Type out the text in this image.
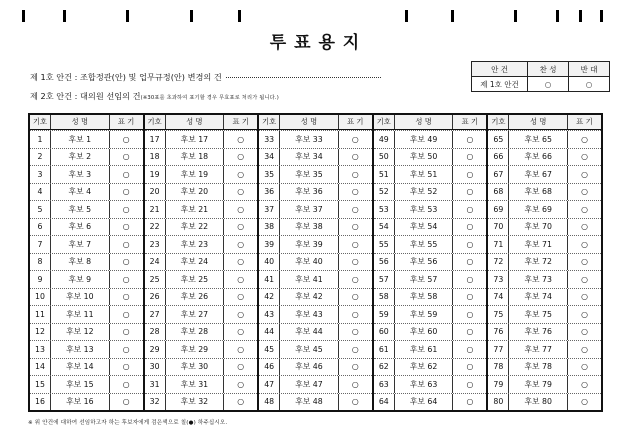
투 표 용 지
제 1호 안건 : 조합정관(안) 및 업무규정(안) 변경의 건
제 2호 안건 : 대의원 선임의 건(※30표를 초과하여 표기할 경우 무효표로 처리가 됩니다.)
안 건	찬 성	반 대
제 1호 안건	○	○
기호	성 명	표 기
1	후보 1	○
2	후보 2	○
3	후보 3	○
4	후보 4	○
5	후보 5	○
6	후보 6	○
7	후보 7	○
8	후보 8	○
9	후보 9	○
10	후보 10	○
11	후보 11	○
12	후보 12	○
13	후보 13	○
14	후보 14	○
15	후보 15	○
16	후보 16	○
기호	성 명	표 기
17	후보 17	○
18	후보 18	○
19	후보 19	○
20	후보 20	○
21	후보 21	○
22	후보 22	○
23	후보 23	○
24	후보 24	○
25	후보 25	○
26	후보 26	○
27	후보 27	○
28	후보 28	○
29	후보 29	○
30	후보 30	○
31	후보 31	○
32	후보 32	○
기호	성 명	표 기
33	후보 33	○
34	후보 34	○
35	후보 35	○
36	후보 36	○
37	후보 37	○
38	후보 38	○
39	후보 39	○
40	후보 40	○
41	후보 41	○
42	후보 42	○
43	후보 43	○
44	후보 44	○
45	후보 45	○
46	후보 46	○
47	후보 47	○
48	후보 48	○
기호	성 명	표 기
49	후보 49	○
50	후보 50	○
51	후보 51	○
52	후보 52	○
53	후보 53	○
54	후보 54	○
55	후보 55	○
56	후보 56	○
57	후보 57	○
58	후보 58	○
59	후보 59	○
60	후보 60	○
61	후보 61	○
62	후보 62	○
63	후보 63	○
64	후보 64	○
기호	성 명	표 기
65	후보 65	○
66	후보 66	○
67	후보 67	○
68	후보 68	○
69	후보 69	○
70	후보 70	○
71	후보 71	○
72	후보 72	○
73	후보 73	○
74	후보 74	○
75	후보 75	○
76	후보 76	○
77	후보 77	○
78	후보 78	○
79	후보 79	○
80	후보 80	○
※ 위 안건에 대하여 선임하고자 하는 후보자에게 검은색으로 칠(●) 하주십시오.
